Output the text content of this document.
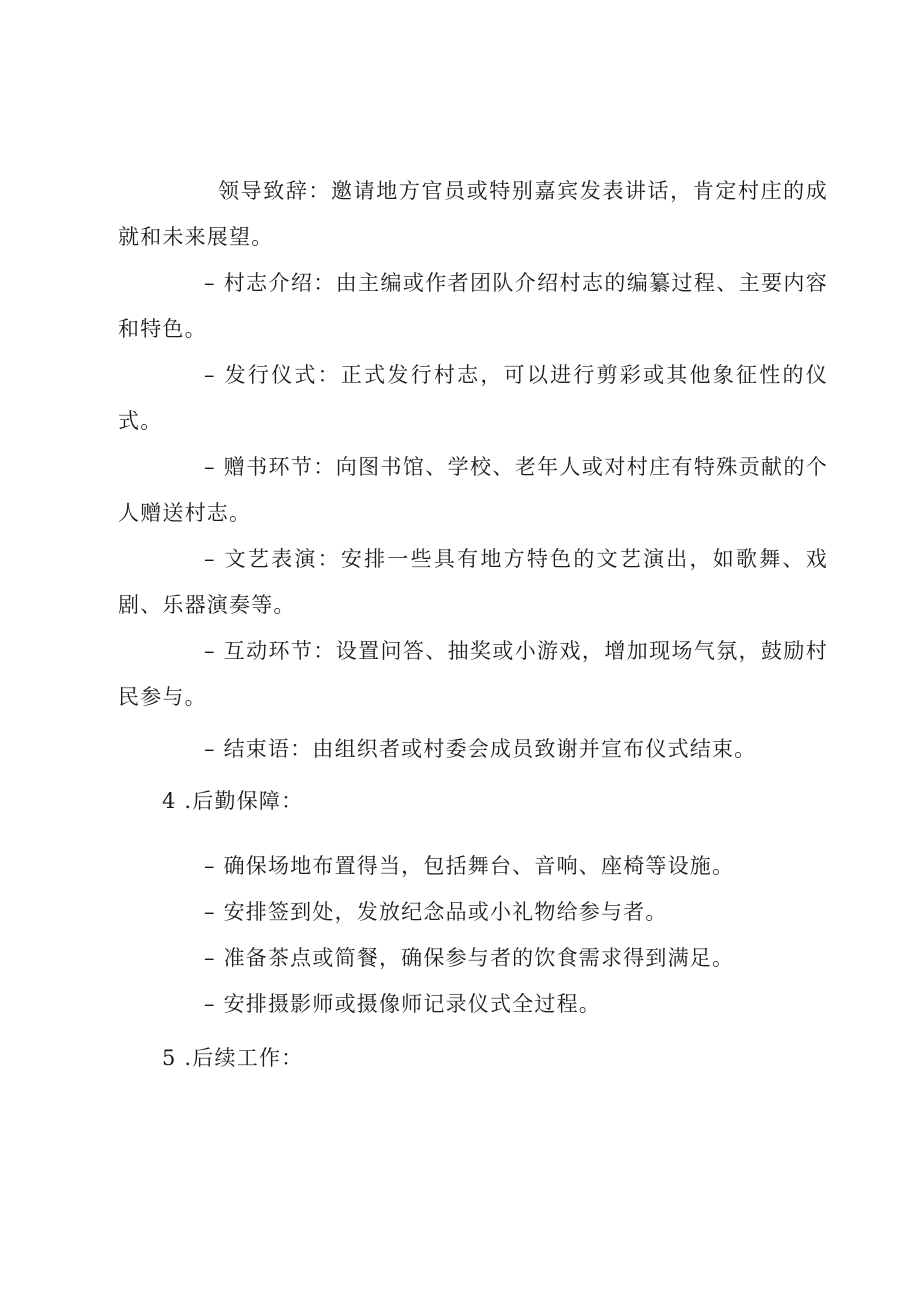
领导致辞：邀请地方官员或特别嘉宾发表讲话，肯定村庄的成就和未来展望。

– 村志介绍：由主编或作者团队介绍村志的编纂过程、主要内容和特色。

– 发行仪式：正式发行村志，可以进行剪彩或其他象征性的仪式。

– 赠书环节：向图书馆、学校、老年人或对村庄有特殊贡献的个人赠送村志。

– 文艺表演：安排一些具有地方特色的文艺演出，如歌舞、戏剧、乐器演奏等。

– 互动环节：设置问答、抽奖或小游戏，增加现场气氛，鼓励村民参与。

– 结束语：由组织者或村委会成员致谢并宣布仪式结束。

4 .后勤保障：

– 确保场地布置得当，包括舞台、音响、座椅等设施。

– 安排签到处，发放纪念品或小礼物给参与者。

– 准备茶点或简餐，确保参与者的饮食需求得到满足。

– 安排摄影师或摄像师记录仪式全过程。

5 .后续工作：
